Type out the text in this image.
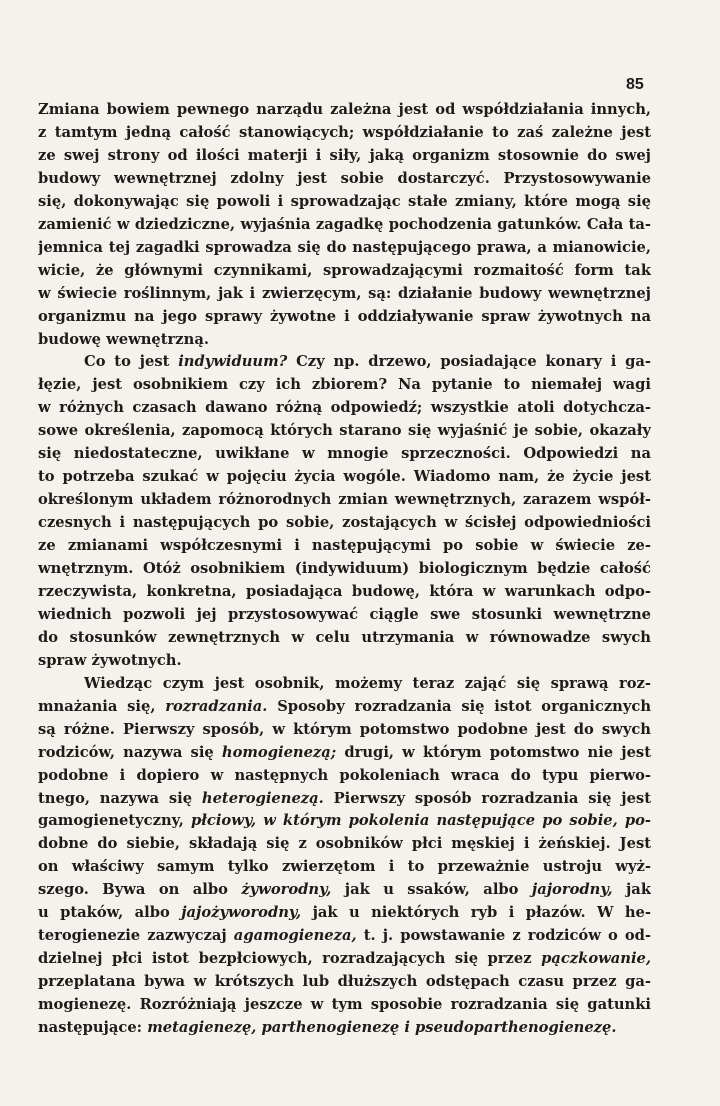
85
Zmiana bowiem pewnego narządu zależna jest od współdziałania innych,
z tamtym jedną całość stanowiących; współdziałanie to zaś zależne jest
ze swej strony od ilości materji i siły, jaką organizm stosownie do swej
budowy wewnętrznej zdolny jest sobie dostarczyć. Przystosowywanie
się, dokonywając się powoli i sprowadzając stałe zmiany, które mogą się
zamienić w dziedziczne, wyjaśnia zagadkę pochodzenia gatunków. Cała ta-
jemnica tej zagadki sprowadza się do następującego prawa, a mianowicie,
wicie, że głównymi czynnikami, sprowadzającymi rozmaitość form tak
w świecie roślinnym, jak i zwierzęcym, są: działanie budowy wewnętrznej
organizmu na jego sprawy żywotne i oddziaływanie spraw żywotnych na
budowę wewnętrzną.
Co to jest indywiduum? Czy np. drzewo, posiadające konary i ga-
łęzie, jest osobnikiem czy ich zbiorem? Na pytanie to niemałej wagi
w różnych czasach dawano różną odpowiedź; wszystkie atoli dotychcza-
sowe określenia, zapomocą których starano się wyjaśnić je sobie, okazały
się niedostateczne, uwikłane w mnogie sprzeczności. Odpowiedzi na
to potrzeba szukać w pojęciu życia wogóle. Wiadomo nam, że życie jest
określonym układem różnorodnych zmian wewnętrznych, zarazem współ-
czesnych i następujących po sobie, zostających w ścisłej odpowiedniości
ze zmianami współczesnymi i następującymi po sobie w świecie ze-
wnętrznym. Otóż osobnikiem (indywiduum) biologicznym będzie całość
rzeczywista, konkretna, posiadająca budowę, która w warunkach odpo-
wiednich pozwoli jej przystosowywać ciągle swe stosunki wewnętrzne
do stosunków zewnętrznych w celu utrzymania w równowadze swych
spraw żywotnych.
Wiedząc czym jest osobnik, możemy teraz zająć się sprawą roz-
mnażania się, rozradzania. Sposoby rozradzania się istot organicznych
są różne. Pierwszy sposób, w którym potomstwo podobne jest do swych
rodziców, nazywa się homogienezą; drugi, w którym potomstwo nie jest
podobne i dopiero w następnych pokoleniach wraca do typu pierwo-
tnego, nazywa się heterogienezą. Pierwszy sposób rozradzania się jest
gamogienetyczny, płciowy, w którym pokolenia następujące po sobie, po-
dobne do siebie, składają się z osobników płci męskiej i żeńskiej. Jest
on właściwy samym tylko zwierzętom i to przeważnie ustroju wyż-
szego. Bywa on albo żyworodny, jak u ssaków, albo jajorodny, jak
u ptaków, albo jajożyworodny, jak u niektórych ryb i płazów. W he-
terogienezie zazwyczaj agamogieneza, t. j. powstawanie z rodziców o od-
dzielnej płci istot bezpłciowych, rozradzających się przez pączkowanie,
przeplatana bywa w krótszych lub dłuższych odstępach czasu przez ga-
mogienezę. Rozróżniają jeszcze w tym sposobie rozradzania się gatunki
następujące: metagienezę, parthenogienezę i pseudoparthenogienezę.
